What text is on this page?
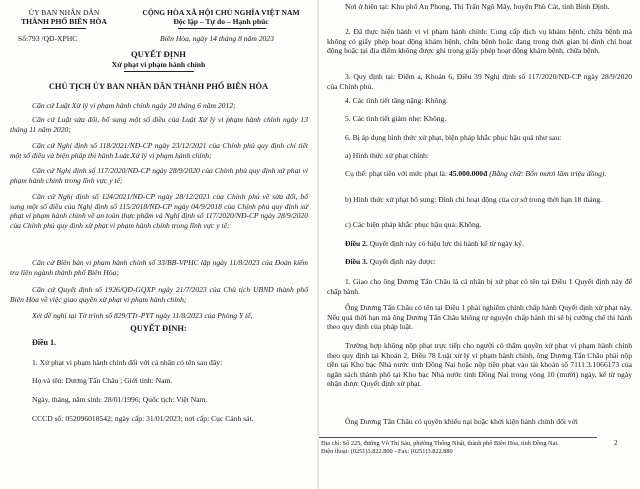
ỦY BAN NHÂN DÂN
THÀNH PHỐ BIÊN HÒA
Số:793 /QĐ-XPHC
CỘNG HÒA XÃ HỘI CHỦ NGHĨA VIỆT NAM
Độc lập – Tự do – Hạnh phúc
Biên Hòa, ngày 14 tháng 8 năm 2023
QUYẾT ĐỊNH
Xử phạt vi phạm hành chính
CHỦ TỊCH ỦY BAN NHÂN DÂN THÀNH PHỐ BIÊN HÒA
Căn cứ Luật Xử lý vi phạm hành chính ngày 20 tháng 6 năm 2012;
Căn cứ Luật sửa đổi, bổ sung một số điều của Luật Xử lý vi phạm hành chính ngày 13 tháng 11 năm 2020;
Căn cứ Nghị định số 118/2021/NĐ-CP ngày 23/12/2021 của Chính phủ quy định chi tiết một số điều và biện pháp thi hành Luật Xử lý vi phạm hành chính;
Căn cứ Nghị định số 117/2020/NĐ-CP ngày 28/9/2020 của Chính phủ quy định xử phạt vi phạm hành chính trong lĩnh vực y tế;
Căn cứ Nghị định số 124/2021/NĐ-CP ngày 28/12/2021 của Chính phủ về sửa đổi, bổ sung một số điều của Nghị định số 115/2018/NĐ-CP ngày 04/9/2018 của Chính phủ quy định xử phạt vi phạm hành chính về an toàn thực phẩm và Nghị định số 117/2020/NĐ-CP ngày 28/9/2020 của Chính phủ quy định xử phạt vi phạm hành chính trong lĩnh vực y tế;
Căn cứ Biên bản vi phạm hành chính số 33/BB-VPHC lập ngày 11/8/2023 của Đoàn kiểm tra liên ngành thành phố Biên Hòa;
Căn cứ Quyết định số 1926/QĐ-GQXP ngày 21/7/2023 của Chủ tịch UBND thành phố Biên Hòa về việc giao quyền xử phạt vi phạm hành chính;
Xét đề nghị tại Tờ trình số 829/TTr-PYT ngày 11/8/2023 của Phòng Y tế,
QUYẾT ĐỊNH:
Điều 1.
1. Xử phạt vi phạm hành chính đối với cá nhân có tên sau đây:
Họ và tên: Dương Tấn Châu ; Giới tính: Nam.
Ngày, tháng, năm sinh: 28/01/1996; Quốc tịch: Việt Nam.
CCCD số: 052096018542; ngày cấp: 31/01/2023; nơi cấp: Cục Cảnh sát.
Nơi ở hiện tại: Khu phố An Phong, Thị Trấn Ngô Mây, huyện Phù Cát, tỉnh Bình Định.
2. Đã thực hiện hành vi vi phạm hành chính: Cung cấp dịch vụ khám bệnh, chữa bệnh mà không có giấy phép hoạt động khám bệnh, chữa bệnh hoặc đang trong thời gian bị đình chỉ hoạt động hoặc tại địa điểm không được ghi trong giấy phép hoạt động khám bệnh, chữa bệnh.
3. Quy định tại: Điểm a, Khoản 6, Điều 39 Nghị định số 117/2020/NĐ-CP ngày 28/9/2020 của Chính phủ.
4. Các tình tiết tăng nặng: Không.
5. Các tình tiết giảm nhẹ: Không.
6. Bị áp dụng hình thức xử phạt, biện pháp khắc phục hậu quả như sau:
a) Hình thức xử phạt chính:
Cụ thể: phạt tiền với mức phạt là: 45.000.000đ (Bằng chữ: Bốn mươi lăm triệu đồng).
b) Hình thức xử phạt bổ sung: Đình chỉ hoạt động của cơ sở trong thời hạn 18 tháng.
c) Các biện pháp khắc phục hậu quả: Không.
Điều 2. Quyết định này có hiệu lực thi hành kể từ ngày ký.
Điều 3. Quyết định này được:
1. Giao cho ông Dương Tấn Châu là cá nhân bị xử phạt có tên tại Điều 1 Quyết định này để chấp hành.
Ông Dương Tấn Châu có tên tại Điều 1 phải nghiêm chỉnh chấp hành Quyết định xử phạt này. Nếu quá thời hạn mà ông Dương Tấn Châu không tự nguyện chấp hành thì sẽ bị cưỡng chế thi hành theo quy định của pháp luật.
Trường hợp không nộp phạt trực tiếp cho người có thẩm quyền xử phạt vi phạm hành chính theo quy định tại Khoản 2, Điều 78 Luật xử lý vi phạm hành chính, ông Dương Tấn Châu phải nộp tiền tại Kho bạc Nhà nước tỉnh Đồng Nai hoặc nộp tiền phạt vào tài khoản số 7111.3.1066173 của ngân sách thành phố tại Kho bạc Nhà nước tỉnh Đồng Nai trong vòng 10 (mười) ngày, kể từ ngày nhận được Quyết định xử phạt.
Ông Dương Tấn Châu có quyền khiếu nại hoặc khởi kiện hành chính đối với
Địa chỉ: Số 225, đường Võ Thị Sáu, phường Thống Nhất, thành phố Biên Hòa, tỉnh Đồng Nai.
Điện thoại: (0251)3.822.800 - Fax: (0251)3.822.880
2
